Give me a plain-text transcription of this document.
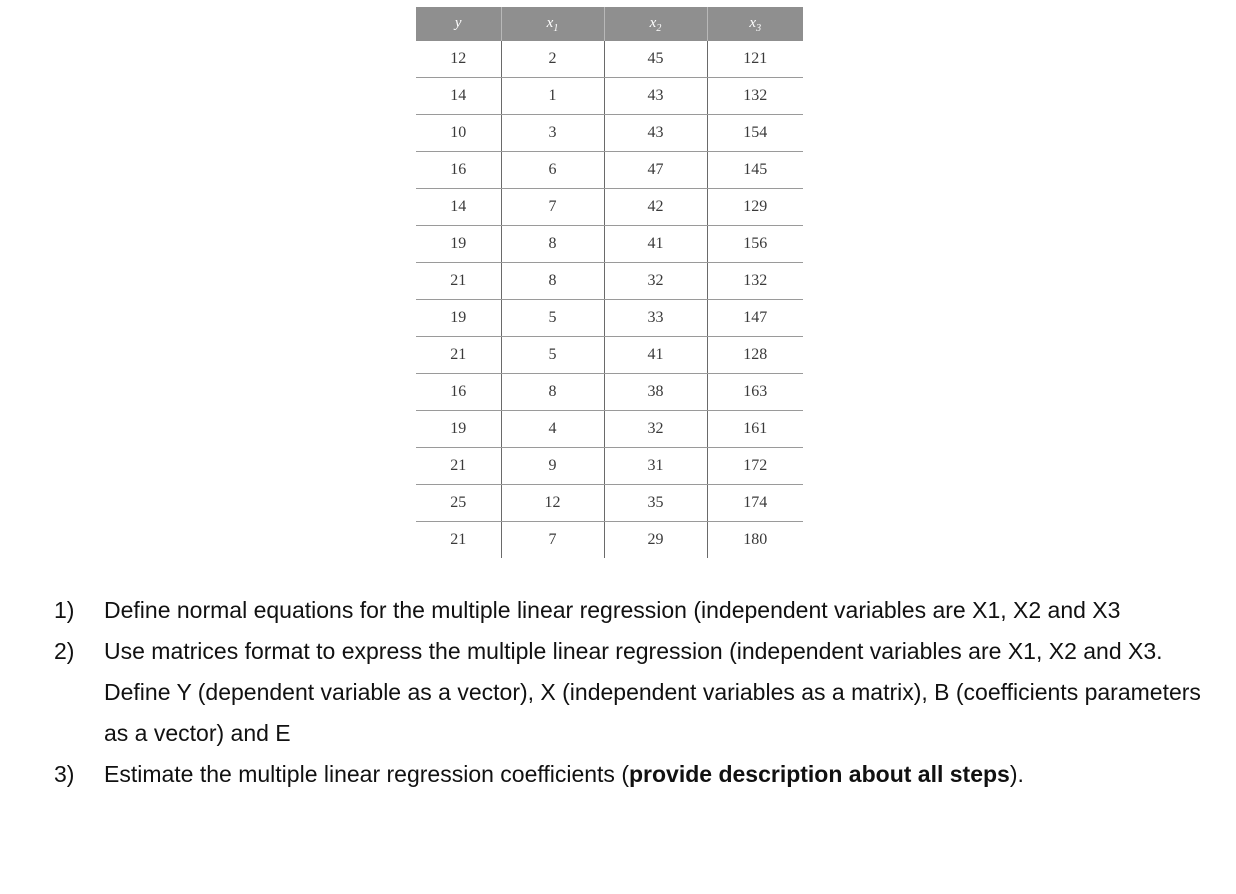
y	$x_1$	$x_2$	$x_3$
12	2	45	121
14	1	43	132
10	3	43	154
16	6	47	145
14	7	42	129
19	8	41	156
21	8	32	132
19	5	33	147
21	5	41	128
16	8	38	163
19	4	32	161
21	9	31	172
25	12	35	174
21	7	29	180
1) Define normal equations for the multiple linear regression (independent variables are X1, X2 and X3
2) Use matrices format to express the multiple linear regression (independent variables are X1, X2 and X3. Define Y (dependent variable as a vector), X (independent variables as a matrix), B (coefficients parameters as a vector) and E
3) Estimate the multiple linear regression coefficients (provide description about all steps).
